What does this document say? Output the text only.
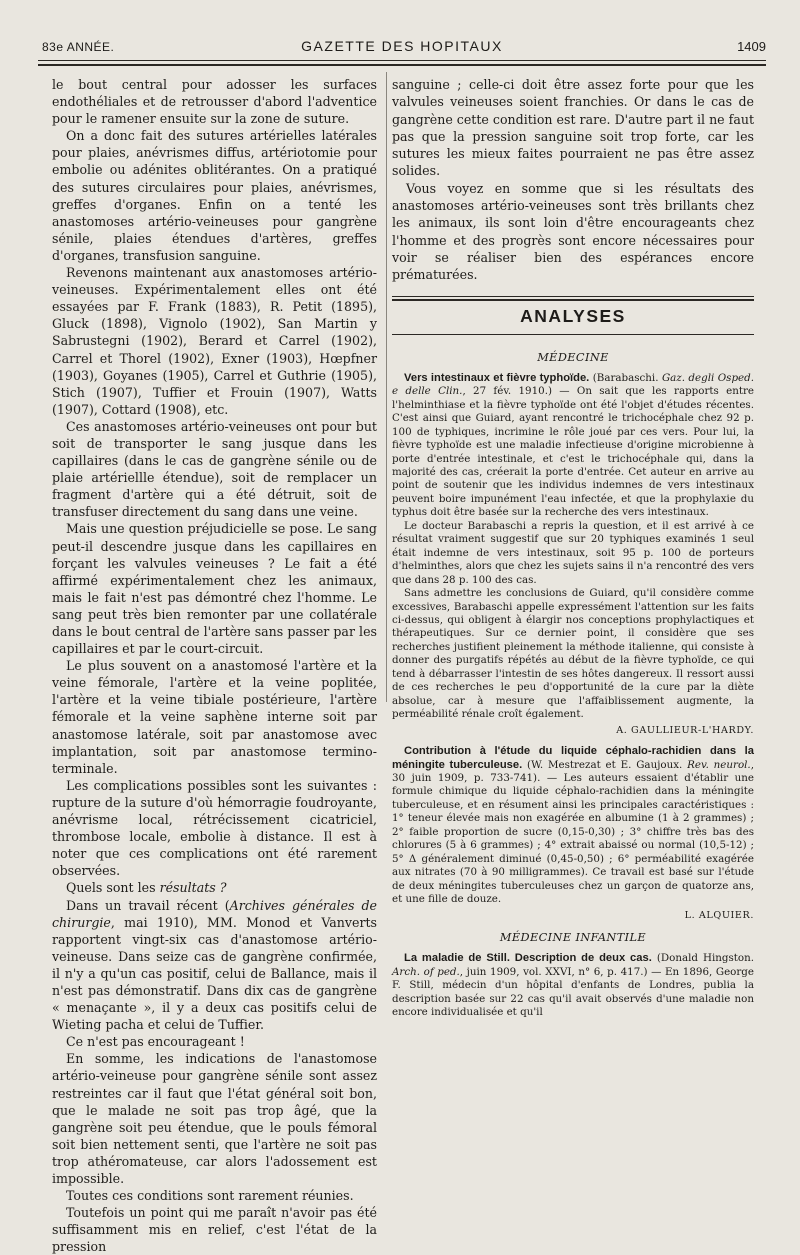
83e ANNÉE.	GAZETTE DES HOPITAUX	1409

le bout central pour adosser les surfaces endothéliales et de retrousser d'abord l'adventice pour le ramener ensuite sur la zone de suture.

On a donc fait des sutures artérielles latérales pour plaies, anévrismes diffus, artériotomie pour embolie ou adénites oblitérantes. On a pratiqué des sutures circulaires pour plaies, anévrismes, greffes d'organes. Enfin on a tenté les anastomoses artério-veineuses pour gangrène sénile, plaies étendues d'artères, greffes d'organes, transfusion sanguine.

Revenons maintenant aux anastomoses artério-veineuses. Expérimentalement elles ont été essayées par F. Frank (1883), R. Petit (1895), Gluck (1898), Vignolo (1902), San Martin y Sabrustegni (1902), Berard et Carrel (1902), Carrel et Thorel (1902), Exner (1903), Hœpfner (1903), Goyanes (1905), Carrel et Guthrie (1905), Stich (1907), Tuffier et Frouin (1907), Watts (1907), Cottard (1908), etc.

Ces anastomoses artério-veineuses ont pour but soit de transporter le sang jusque dans les capillaires (dans le cas de gangrène sénile ou de plaie artériellle étendue), soit de remplacer un fragment d'artère qui a été détruit, soit de transfuser directement du sang dans une veine.

Mais une question préjudicielle se pose. Le sang peut-il descendre jusque dans les capillaires en forçant les valvules veineuses ? Le fait a été affirmé expérimentalement chez les animaux, mais le fait n'est pas démontré chez l'homme. Le sang peut très bien remonter par une collatérale dans le bout central de l'artère sans passer par les capillaires et par le court-circuit.

Le plus souvent on a anastomosé l'artère et la veine fémorale, l'artère et la veine poplitée, l'artère et la veine tibiale postérieure, l'artère fémorale et la veine saphène interne soit par anastomose latérale, soit par anastomose avec implantation, soit par anastomose termino-terminale.

Les complications possibles sont les suivantes : rupture de la suture d'où hémorragie foudroyante, anévrisme local, rétrécissement cicatriciel, thrombose locale, embolie à distance. Il est à noter que ces complications ont été rarement observées.

Quels sont les résultats ?

Dans un travail récent (Archives générales de chirurgie, mai 1910), MM. Monod et Vanverts rapportent vingt-six cas d'anastomose artério-veineuse. Dans seize cas de gangrène confirmée, il n'y a qu'un cas positif, celui de Ballance, mais il n'est pas démonstratif. Dans dix cas de gangrène « menaçante », il y a deux cas positifs celui de Wieting pacha et celui de Tuffier.

Ce n'est pas encourageant !

En somme, les indications de l'anastomose artério-veineuse pour gangrène sénile sont assez restreintes car il faut que l'état général soit bon, que le malade ne soit pas trop âgé, que la gangrène soit peu étendue, que le pouls fémoral soit bien nettement senti, que l'artère ne soit pas trop athéromateuse, car alors l'adossement est impossible.

Toutes ces conditions sont rarement réunies.

Toutefois un point qui me paraît n'avoir pas été suffisamment mis en relief, c'est l'état de la pression

sanguine ; celle-ci doit être assez forte pour que les valvules veineuses soient franchies. Or dans le cas de gangrène cette condition est rare. D'autre part il ne faut pas que la pression sanguine soit trop forte, car les sutures les mieux faites pourraient ne pas être assez solides.

Vous voyez en somme que si les résultats des anastomoses artério-veineuses sont très brillants chez les animaux, ils sont loin d'être encourageants chez l'homme et des progrès sont encore nécessaires pour voir se réaliser bien des espérances encore prématurées.

ANALYSES
MÉDECINE

Vers intestinaux et fièvre typhoïde. (Barabaschi. Gaz. degli Osped. e delle Clin., 27 fév. 1910.) — On sait que les rapports entre l'helminthiase et la fièvre typhoïde ont été l'objet d'études récentes. C'est ainsi que Guiard, ayant rencontré le trichocéphale chez 92 p. 100 de typhiques, incrimine le rôle joué par ces vers. Pour lui, la fièvre typhoïde est une maladie infectieuse d'origine microbienne à porte d'entrée intestinale, et c'est le trichocéphale qui, dans la majorité des cas, créerait la porte d'entrée. Cet auteur en arrive au point de soutenir que les individus indemnes de vers intestinaux peuvent boire impunément l'eau infectée, et que la prophylaxie du typhus doit être basée sur la recherche des vers intestinaux.

Le docteur Barabaschi a repris la question, et il est arrivé à ce résultat vraiment suggestif que sur 20 typhiques examinés 1 seul était indemne de vers intestinaux, soit 95 p. 100 de porteurs d'helminthes, alors que chez les sujets sains il n'a rencontré des vers que dans 28 p. 100 des cas.

Sans admettre les conclusions de Guiard, qu'il considère comme excessives, Barabaschi appelle expressément l'attention sur les faits ci-dessus, qui obligent à élargir nos conceptions prophylactiques et thérapeutiques. Sur ce dernier point, il considère que ses recherches justifient pleinement la méthode italienne, qui consiste à donner des purgatifs répétés au début de la fièvre typhoïde, ce qui tend à débarrasser l'intestin de ses hôtes dangereux. Il ressort aussi de ces recherches le peu d'opportunité de la cure par la diète absolue, car à mesure que l'affaiblissement augmente, la perméabilité rénale croît également.

A. GAULLIEUR-L'HARDY.

Contribution à l'étude du liquide céphalo-rachidien dans la méningite tuberculeuse. (W. Mestrezat et E. Gaujoux. Rev. neurol., 30 juin 1909, p. 733-741). — Les auteurs essaient d'établir une formule chimique du liquide céphalo-rachidien dans la méningite tuberculeuse, et en résument ainsi les principales caractéristiques : 1° teneur élevée mais non exagérée en albumine (1 à 2 grammes) ; 2° faible proportion de sucre (0,15-0,30) ; 3° chiffre très bas des chlorures (5 à 6 grammes) ; 4° extrait abaissé ou normal (10,5-12) ; 5° Δ généralement diminué (0,45-0,50) ; 6° perméabilité exagérée aux nitrates (70 à 90 milligrammes). Ce travail est basé sur l'étude de deux méningites tuberculeuses chez un garçon de quatorze ans, et une fille de douze.

L. ALQUIER.
MÉDECINE INFANTILE

La maladie de Still. Description de deux cas. (Donald Hingston. Arch. of ped., juin 1909, vol. XXVI, n° 6, p. 417.) — En 1896, George F. Still, médecin d'un hôpital d'enfants de Londres, publia la description basée sur 22 cas qu'il avait observés d'une maladie non encore individualisée et qu'il
